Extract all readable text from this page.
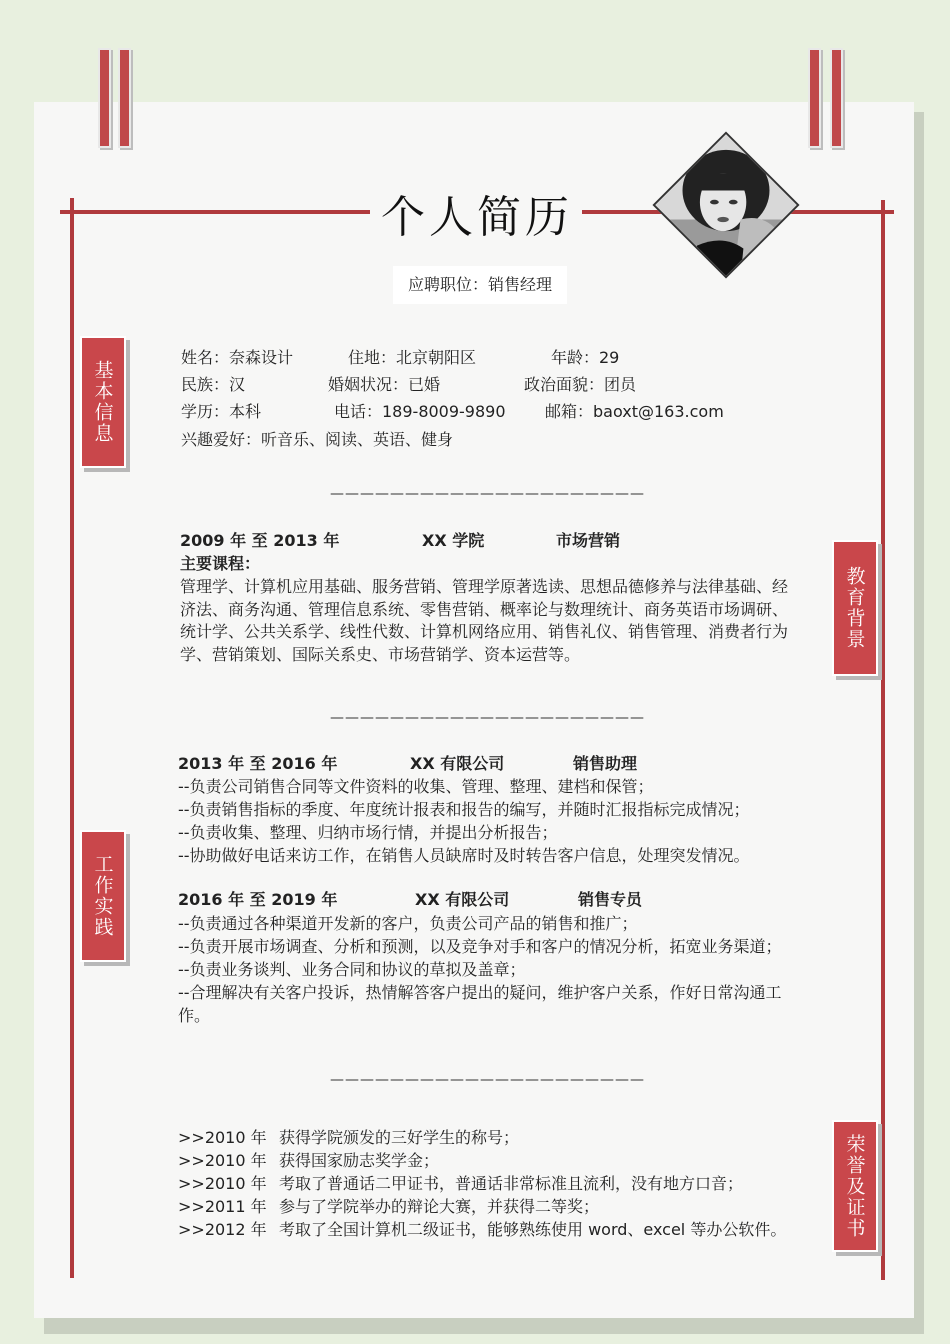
个人简历
应聘职位：销售经理
基本信息
教育背景
工作实践
荣誉及证书
姓名：奈森设计	住地：北京朝阳区	年龄：29
民族：汉	婚姻状况：已婚	政治面貌：团员
学历：本科	电话：189-8009-9890 邮箱：baoxt@163.com
兴趣爱好：听音乐、阅读、英语、健身
—————————————————————
2009 年 至 2013 年	XX 学院	市场营销
主要课程：
管理学、计算机应用基础、服务营销、管理学原著选读、思想品德修养与法律基础、经济法、商务沟通、管理信息系统、零售营销、概率论与数理统计、商务英语市场调研、统计学、公共关系学、线性代数、计算机网络应用、销售礼仪、销售管理、消费者行为学、营销策划、国际关系史、市场营销学、资本运营等。
—————————————————————
2013 年 至 2016 年	XX 有限公司	销售助理
--负责公司销售合同等文件资料的收集、管理、整理、建档和保管；
--负责销售指标的季度、年度统计报表和报告的编写，并随时汇报指标完成情况；
--负责收集、整理、归纳市场行情，并提出分析报告；
--协助做好电话来访工作，在销售人员缺席时及时转告客户信息，处理突发情况。
2016 年 至 2019 年	XX 有限公司	销售专员
--负责通过各种渠道开发新的客户，负责公司产品的销售和推广；
--负责开展市场调查、分析和预测，以及竞争对手和客户的情况分析，拓宽业务渠道；
--负责业务谈判、业务合同和协议的草拟及盖章；
--合理解决有关客户投诉，热情解答客户提出的疑问，维护客户关系，作好日常沟通工作。
—————————————————————
>>2010 年 获得学院颁发的三好学生的称号；
>>2010 年 获得国家励志奖学金；
>>2010 年 考取了普通话二甲证书，普通话非常标准且流利，没有地方口音；
>>2011 年 参与了学院举办的辩论大赛，并获得二等奖；
>>2012 年 考取了全国计算机二级证书，能够熟练使用 word、excel 等办公软件。
